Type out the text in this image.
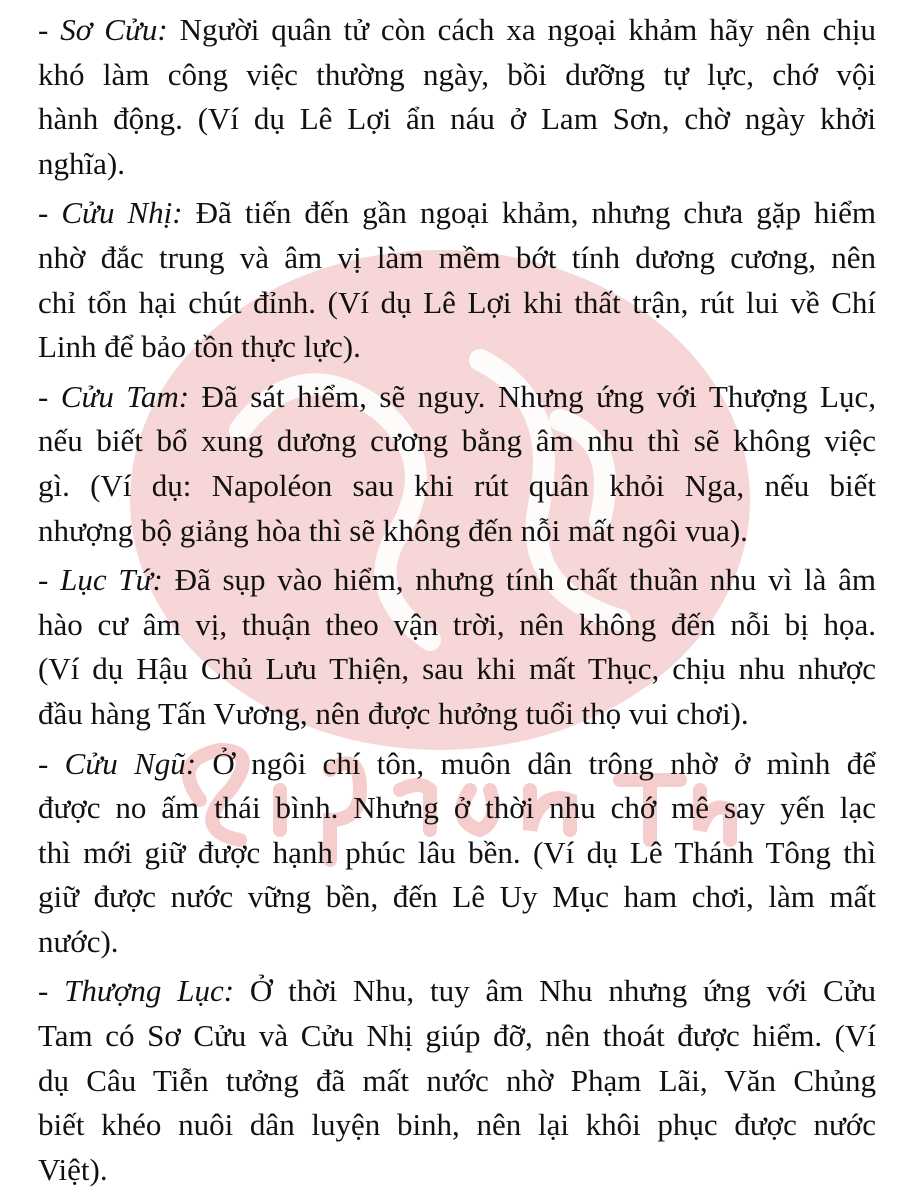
- Sơ Cửu: Người quân tử còn cách xa ngoại khảm hãy nên chịu
khó làm công việc thường ngày, bồi dưỡng tự lực, chớ vội
hành động. (Ví dụ Lê Lợi ẩn náu ở Lam Sơn, chờ ngày khởi
nghĩa).
- Cửu Nhị: Đã tiến đến gần ngoại khảm, nhưng chưa gặp hiểm
nhờ đắc trung và âm vị làm mềm bớt tính dương cương, nên
chỉ tổn hại chút đỉnh. (Ví dụ Lê Lợi khi thất trận, rút lui về Chí
Linh để bảo tồn thực lực).
- Cửu Tam: Đã sát hiểm, sẽ nguy. Nhưng ứng với Thượng Lục,
nếu biết bổ xung dương cương bằng âm nhu thì sẽ không việc
gì. (Ví dụ: Napoléon sau khi rút quân khỏi Nga, nếu biết
nhượng bộ giảng hòa thì sẽ không đến nỗi mất ngôi vua).
- Lục Tứ: Đã sụp vào hiểm, nhưng tính chất thuần nhu vì là âm
hào cư âm vị, thuận theo vận trời, nên không đến nỗi bị họa.
(Ví dụ Hậu Chủ Lưu Thiện, sau khi mất Thục, chịu nhu nhược
đầu hàng Tấn Vương, nên được hưởng tuổi thọ vui chơi).
- Cửu Ngũ: Ở ngôi chí tôn, muôn dân trông nhờ ở mình để
được no ấm thái bình. Nhưng ở thời nhu chớ mê say yến lạc
thì mới giữ được hạnh phúc lâu bền. (Ví dụ Lê Thánh Tông thì
giữ được nước vững bền, đến Lê Uy Mục ham chơi, làm mất
nước).
- Thượng Lục: Ở thời Nhu, tuy âm Nhu nhưng ứng với Cửu
Tam có Sơ Cửu và Cửu Nhị giúp đỡ, nên thoát được hiểm. (Ví
dụ Câu Tiễn tưởng đã mất nước nhờ Phạm Lãi, Văn Chủng
biết khéo nuôi dân luyện binh, nên lại khôi phục được nước
Việt).
